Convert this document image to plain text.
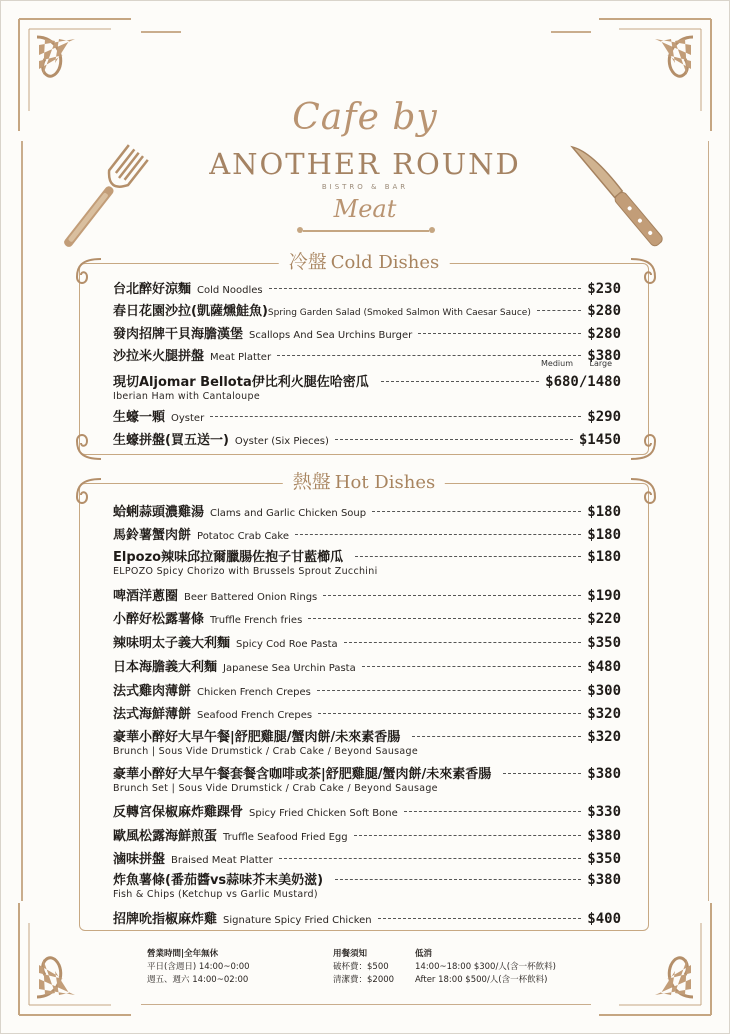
Cafe by
ANOTHER ROUND
BISTRO & BAR
Meat
冷盤 Cold Dishes
Medium Large
熱盤 Hot Dishes
台北醉好涼麵 Cold Noodles	$230
春日花園沙拉(凱薩燻鮭魚) Spring Garden Salad (Smoked Salmon With Caesar Sauce)	$280
發肉招牌干貝海膽漢堡 Scallops And Sea Urchins Burger	$280
沙拉米火腿拼盤 Meat Platter	$380
現切Aljomar Bellota伊比利火腿佐哈密瓜	$680/1480
Iberian Ham with Cantaloupe
生蠔一顆 Oyster	$290
生蠔拼盤(買五送一) Oyster (Six Pieces)	$1450
蛤蜊蒜頭濃雞湯 Clams and Garlic Chicken Soup	$180
馬鈴薯蟹肉餅 Potatoc Crab Cake	$180
Elpozo辣味邱拉爾臘腸佐抱子甘藍櫛瓜	$180
ELPOZO Spicy Chorizo with Brussels Sprout Zucchini
啤酒洋蔥圈 Beer Battered Onion Rings	$190
小醉好松露薯條 Truffle French fries	$220
辣味明太子義大利麵 Spicy Cod Roe Pasta	$350
日本海膽義大利麵 Japanese Sea Urchin Pasta	$480
法式雞肉薄餅 Chicken French Crepes	$300
法式海鮮薄餅 Seafood French Crepes	$320
豪華小醉好大早午餐|舒肥雞腿/蟹肉餅/未來素香腸	$320
Brunch | Sous Vide Drumstick / Crab Cake / Beyond Sausage
豪華小醉好大早午餐套餐含咖啡或茶|舒肥雞腿/蟹肉餅/未來素香腸	$380
Brunch Set | Sous Vide Drumstick / Crab Cake / Beyond Sausage
反轉宮保椒麻炸雞踝骨 Spicy Fried Chicken Soft Bone	$330
歐風松露海鮮煎蛋 Truffle Seafood Fried Egg	$380
滷味拼盤 Braised Meat Platter	$350
炸魚薯條(番茄醬vs蒜味芥末美奶滋)	$380
Fish & Chips (Ketchup vs Garlic Mustard)
招牌吮指椒麻炸雞 Signature Spicy Fried Chicken	$400
營業時間|全年無休
平日(含週日) 14:00~0:00
週五、週六 14:00~02:00
用餐須知
破杯費：$500
清潔費：$2000
低消
14:00~18:00 $300/人(含一杯飲料)
After 18:00 $500/人(含一杯飲料)
